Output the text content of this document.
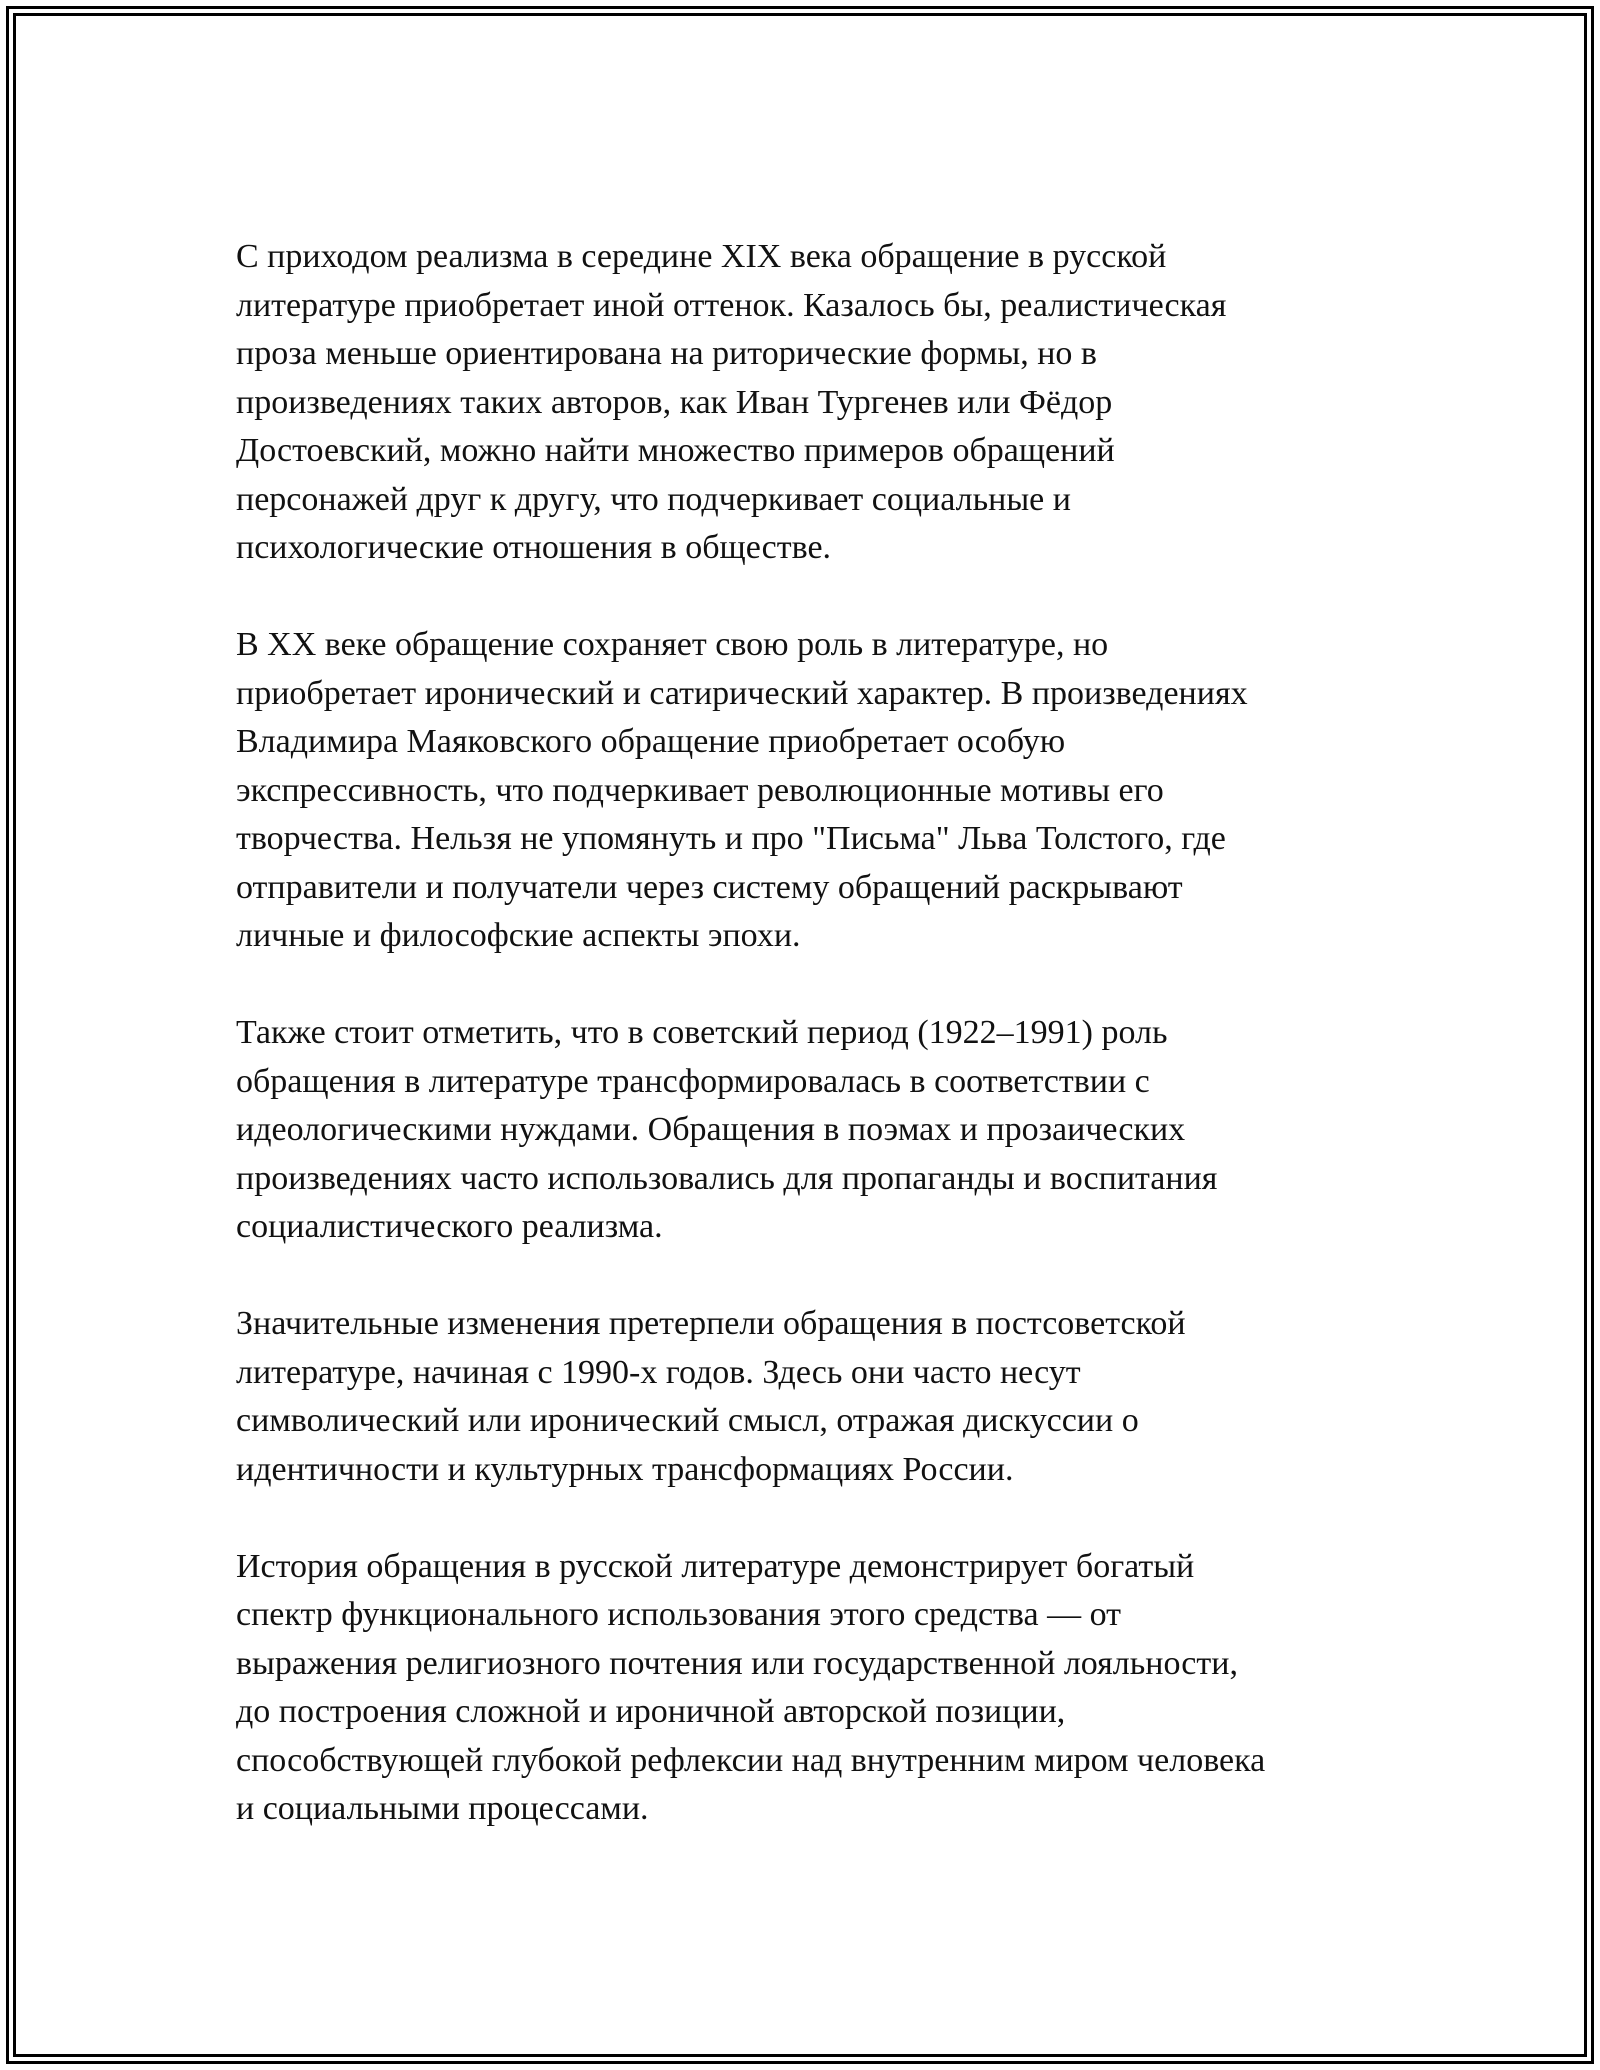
С приходом реализма в середине XIX века обращение в русской
литературе приобретает иной оттенок. Казалось бы, реалистическая
проза меньше ориентирована на риторические формы, но в
произведениях таких авторов, как Иван Тургенев или Фёдор
Достоевский, можно найти множество примеров обращений
персонажей друг к другу, что подчеркивает социальные и
психологические отношения в обществе.

В XX веке обращение сохраняет свою роль в литературе, но
приобретает иронический и сатирический характер. В произведениях
Владимира Маяковского обращение приобретает особую
экспрессивность, что подчеркивает революционные мотивы его
творчества. Нельзя не упомянуть и про "Письма" Льва Толстого, где
отправители и получатели через систему обращений раскрывают
личные и философские аспекты эпохи.

Также стоит отметить, что в советский период (1922–1991) роль
обращения в литературе трансформировалась в соответствии с
идеологическими нуждами. Обращения в поэмах и прозаических
произведениях часто использовались для пропаганды и воспитания
социалистического реализма.

Значительные изменения претерпели обращения в постсоветской
литературе, начиная с 1990-х годов. Здесь они часто несут
символический или иронический смысл, отражая дискуссии о
идентичности и культурных трансформациях России.

История обращения в русской литературе демонстрирует богатый
спектр функционального использования этого средства — от
выражения религиозного почтения или государственной лояльности,
до построения сложной и ироничной авторской позиции,
способствующей глубокой рефлексии над внутренним миром человека
и социальными процессами.
